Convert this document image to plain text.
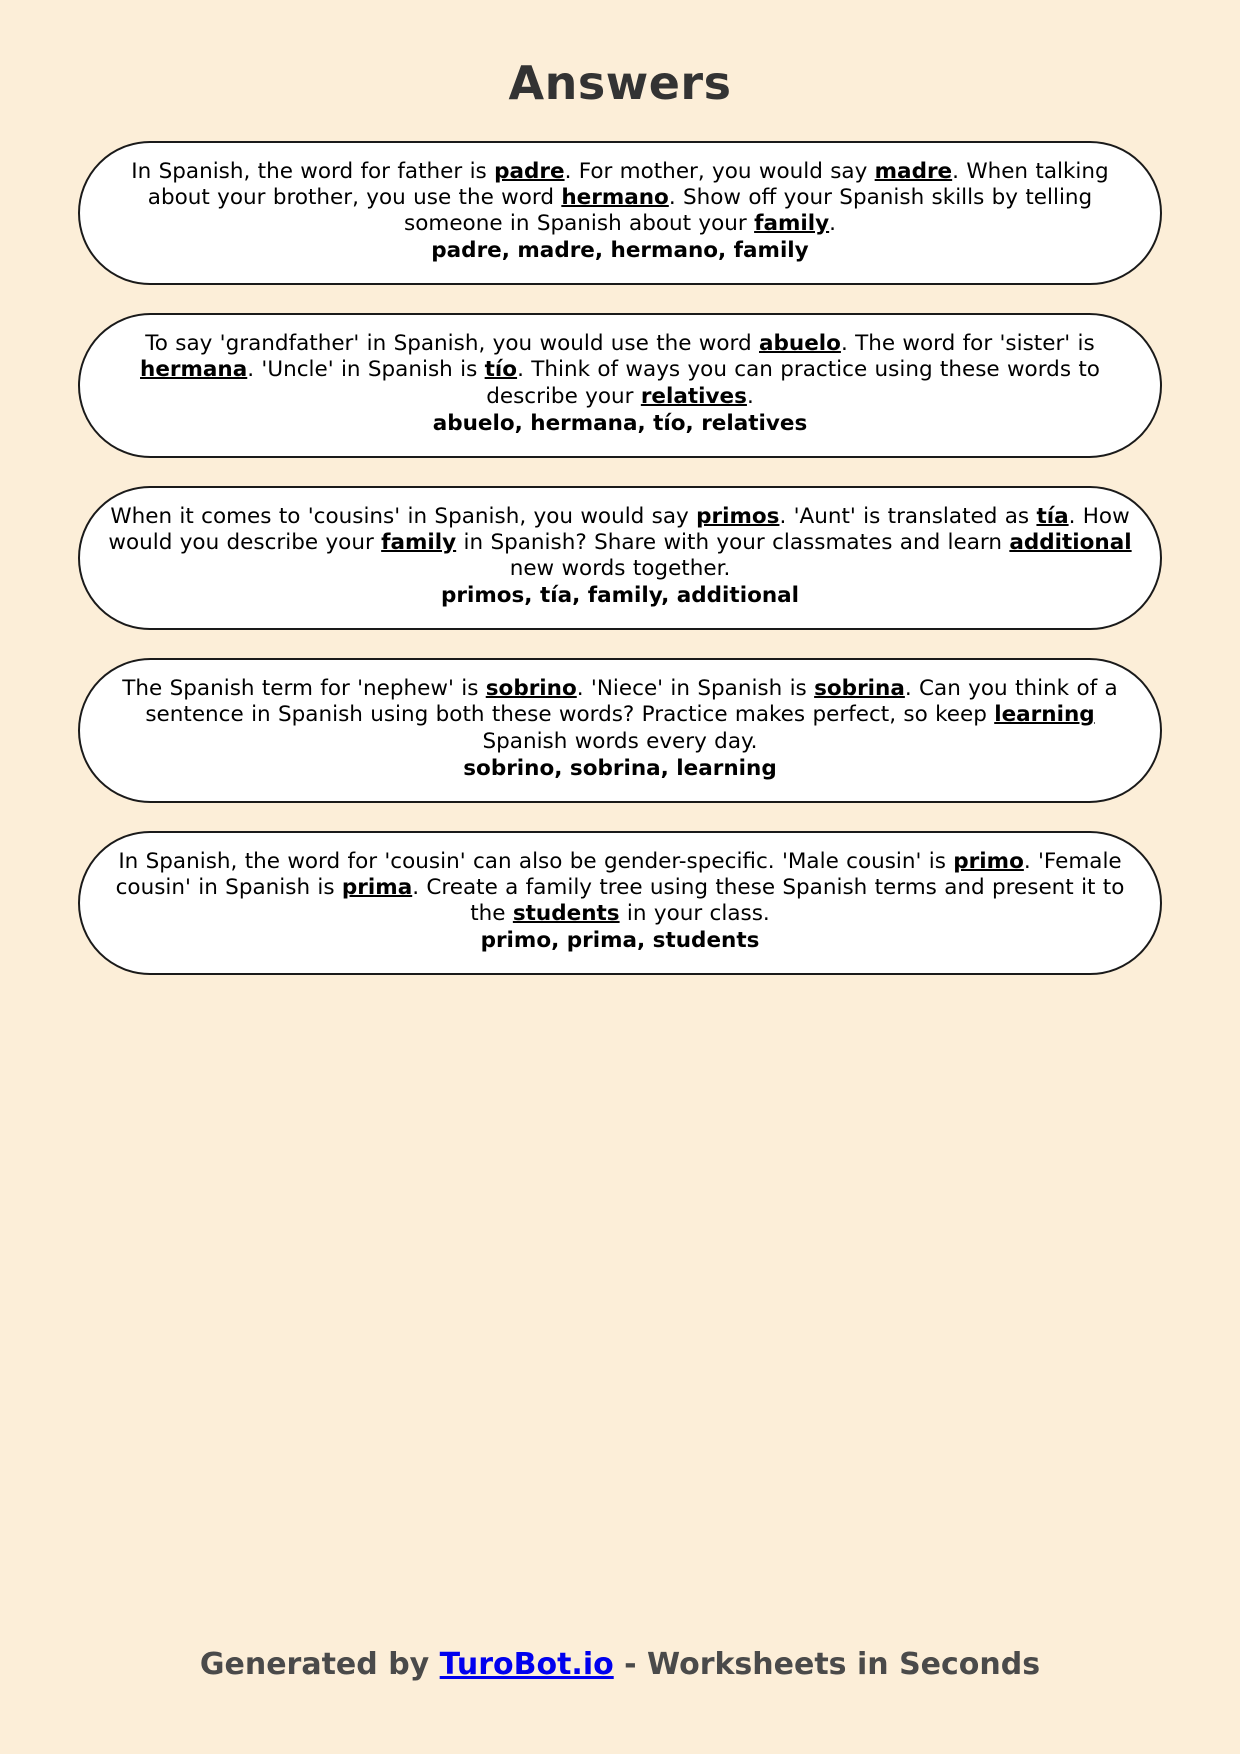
Answers
In Spanish, the word for father is padre. For mother, you would say madre. When talking about your brother, you use the word hermano. Show off your Spanish skills by telling someone in Spanish about your family.
padre, madre, hermano, family
To say 'grandfather' in Spanish, you would use the word abuelo. The word for 'sister' is hermana. 'Uncle' in Spanish is tío. Think of ways you can practice using these words to describe your relatives.
abuelo, hermana, tío, relatives
When it comes to 'cousins' in Spanish, you would say primos. 'Aunt' is translated as tía. How would you describe your family in Spanish? Share with your classmates and learn additional new words together.
primos, tía, family, additional
The Spanish term for 'nephew' is sobrino. 'Niece' in Spanish is sobrina. Can you think of a sentence in Spanish using both these words? Practice makes perfect, so keep learning Spanish words every day.
sobrino, sobrina, learning
In Spanish, the word for 'cousin' can also be gender-specific. 'Male cousin' is primo. 'Female cousin' in Spanish is prima. Create a family tree using these Spanish terms and present it to the students in your class.
primo, prima, students
Generated by TuroBot.io - Worksheets in Seconds
